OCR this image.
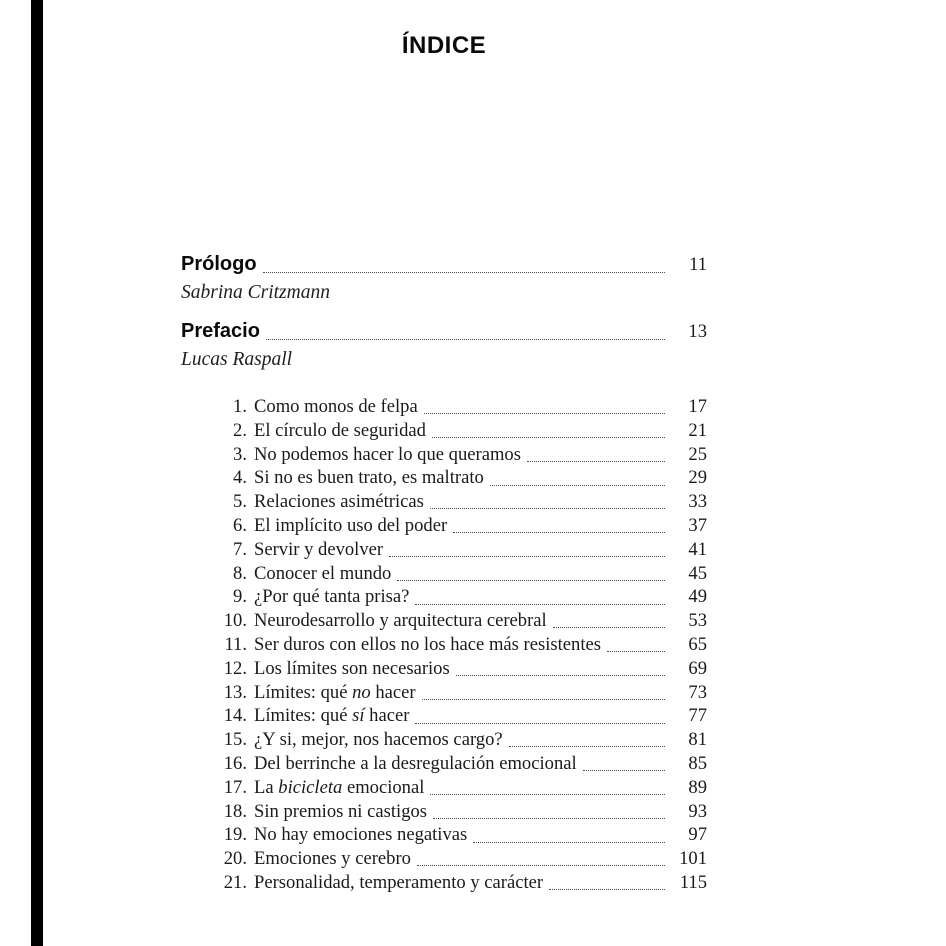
ÍNDICE
Prólogo	11
Sabrina Critzmann
Prefacio	13
Lucas Raspall
1. Como monos de felpa	17
2. El círculo de seguridad	21
3. No podemos hacer lo que queramos	25
4. Si no es buen trato, es maltrato	29
5. Relaciones asimétricas	33
6. El implícito uso del poder	37
7. Servir y devolver	41
8. Conocer el mundo	45
9. ¿Por qué tanta prisa?	49
10. Neurodesarrollo y arquitectura cerebral	53
11. Ser duros con ellos no los hace más resistentes	65
12. Los límites son necesarios	69
13. Límites: qué no hacer	73
14. Límites: qué sí hacer	77
15. ¿Y si, mejor, nos hacemos cargo?	81
16. Del berrinche a la desregulación emocional	85
17. La bicicleta emocional	89
18. Sin premios ni castigos	93
19. No hay emociones negativas	97
20. Emociones y cerebro	101
21. Personalidad, temperamento y carácter	115
